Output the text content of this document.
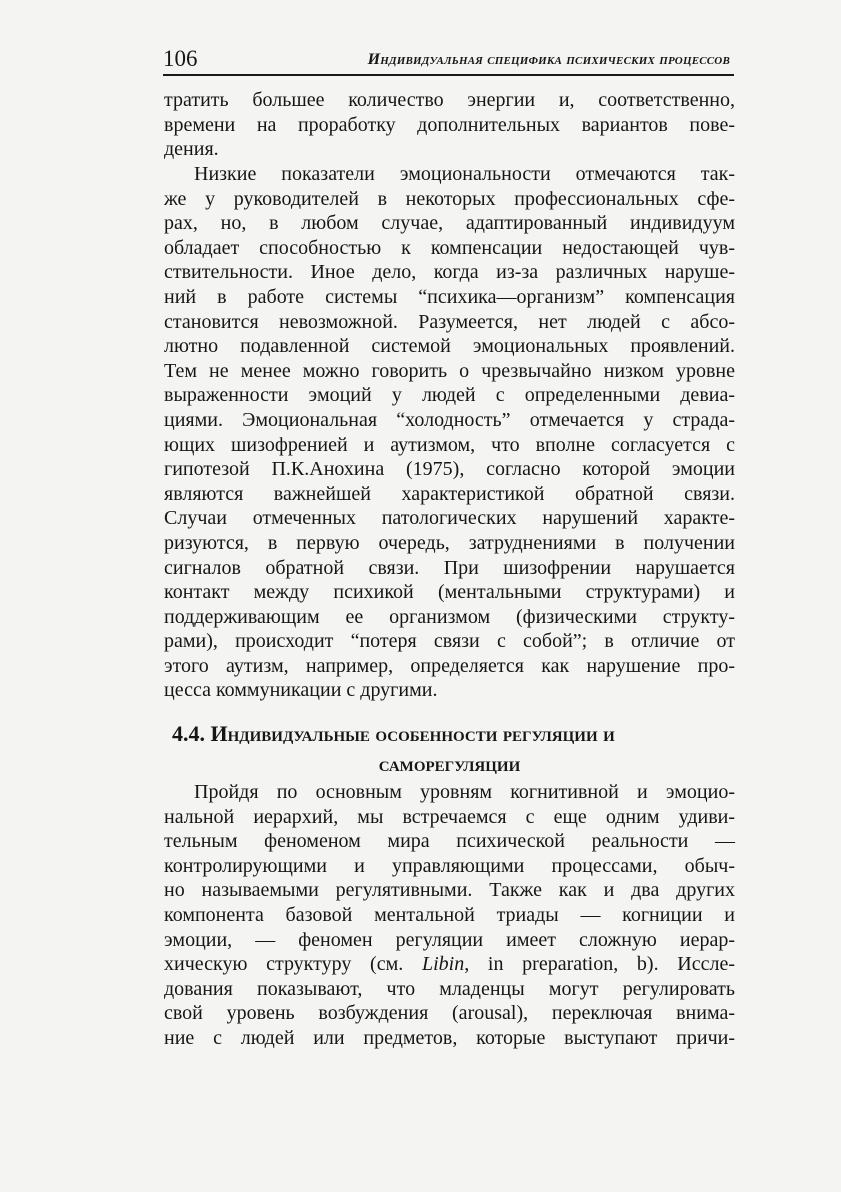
106	Индивидуальная специфика психических процессов
тратить большее количество энергии и, соответственно,
времени на проработку дополнительных вариантов пове-
дения.
Низкие показатели эмоциональности отмечаются так-
же у руководителей в некоторых профессиональных сфе-
рах, но, в любом случае, адаптированный индивидуум
обладает способностью к компенсации недостающей чув-
ствительности. Иное дело, когда из-за различных наруше-
ний в работе системы “психика—организм” компенсация
становится невозможной. Разумеется, нет людей с абсо-
лютно подавленной системой эмоциональных проявлений.
Тем не менее можно говорить о чрезвычайно низком уровне
выраженности эмоций у людей с определенными девиа-
циями. Эмоциональная “холодность” отмечается у страда-
ющих шизофренией и аутизмом, что вполне согласуется с
гипотезой П.К.Анохина (1975), согласно которой эмоции
являются важнейшей характеристикой обратной связи.
Случаи отмеченных патологических нарушений характе-
ризуются, в первую очередь, затруднениями в получении
сигналов обратной связи. При шизофрении нарушается
контакт между психикой (ментальными структурами) и
поддерживающим ее организмом (физическими структу-
рами), происходит “потеря связи с собой”; в отличие от
этого аутизм, например, определяется как нарушение про-
цесса коммуникации с другими.
4.4. Индивидуальные особенности регуляции и
саморегуляции
Пройдя по основным уровням когнитивной и эмоцио-
нальной иерархий, мы встречаемся с еще одним удиви-
тельным феноменом мира психической реальности —
контролирующими и управляющими процессами, обыч-
но называемыми регулятивными. Также как и два других
компонента базовой ментальной триады — когниции и
эмоции, — феномен регуляции имеет сложную иерар-
хическую структуру (см. Libin, in preparation, b). Иссле-
дования показывают, что младенцы могут регулировать
свой уровень возбуждения (arousal), переключая внима-
ние с людей или предметов, которые выступают причи-
